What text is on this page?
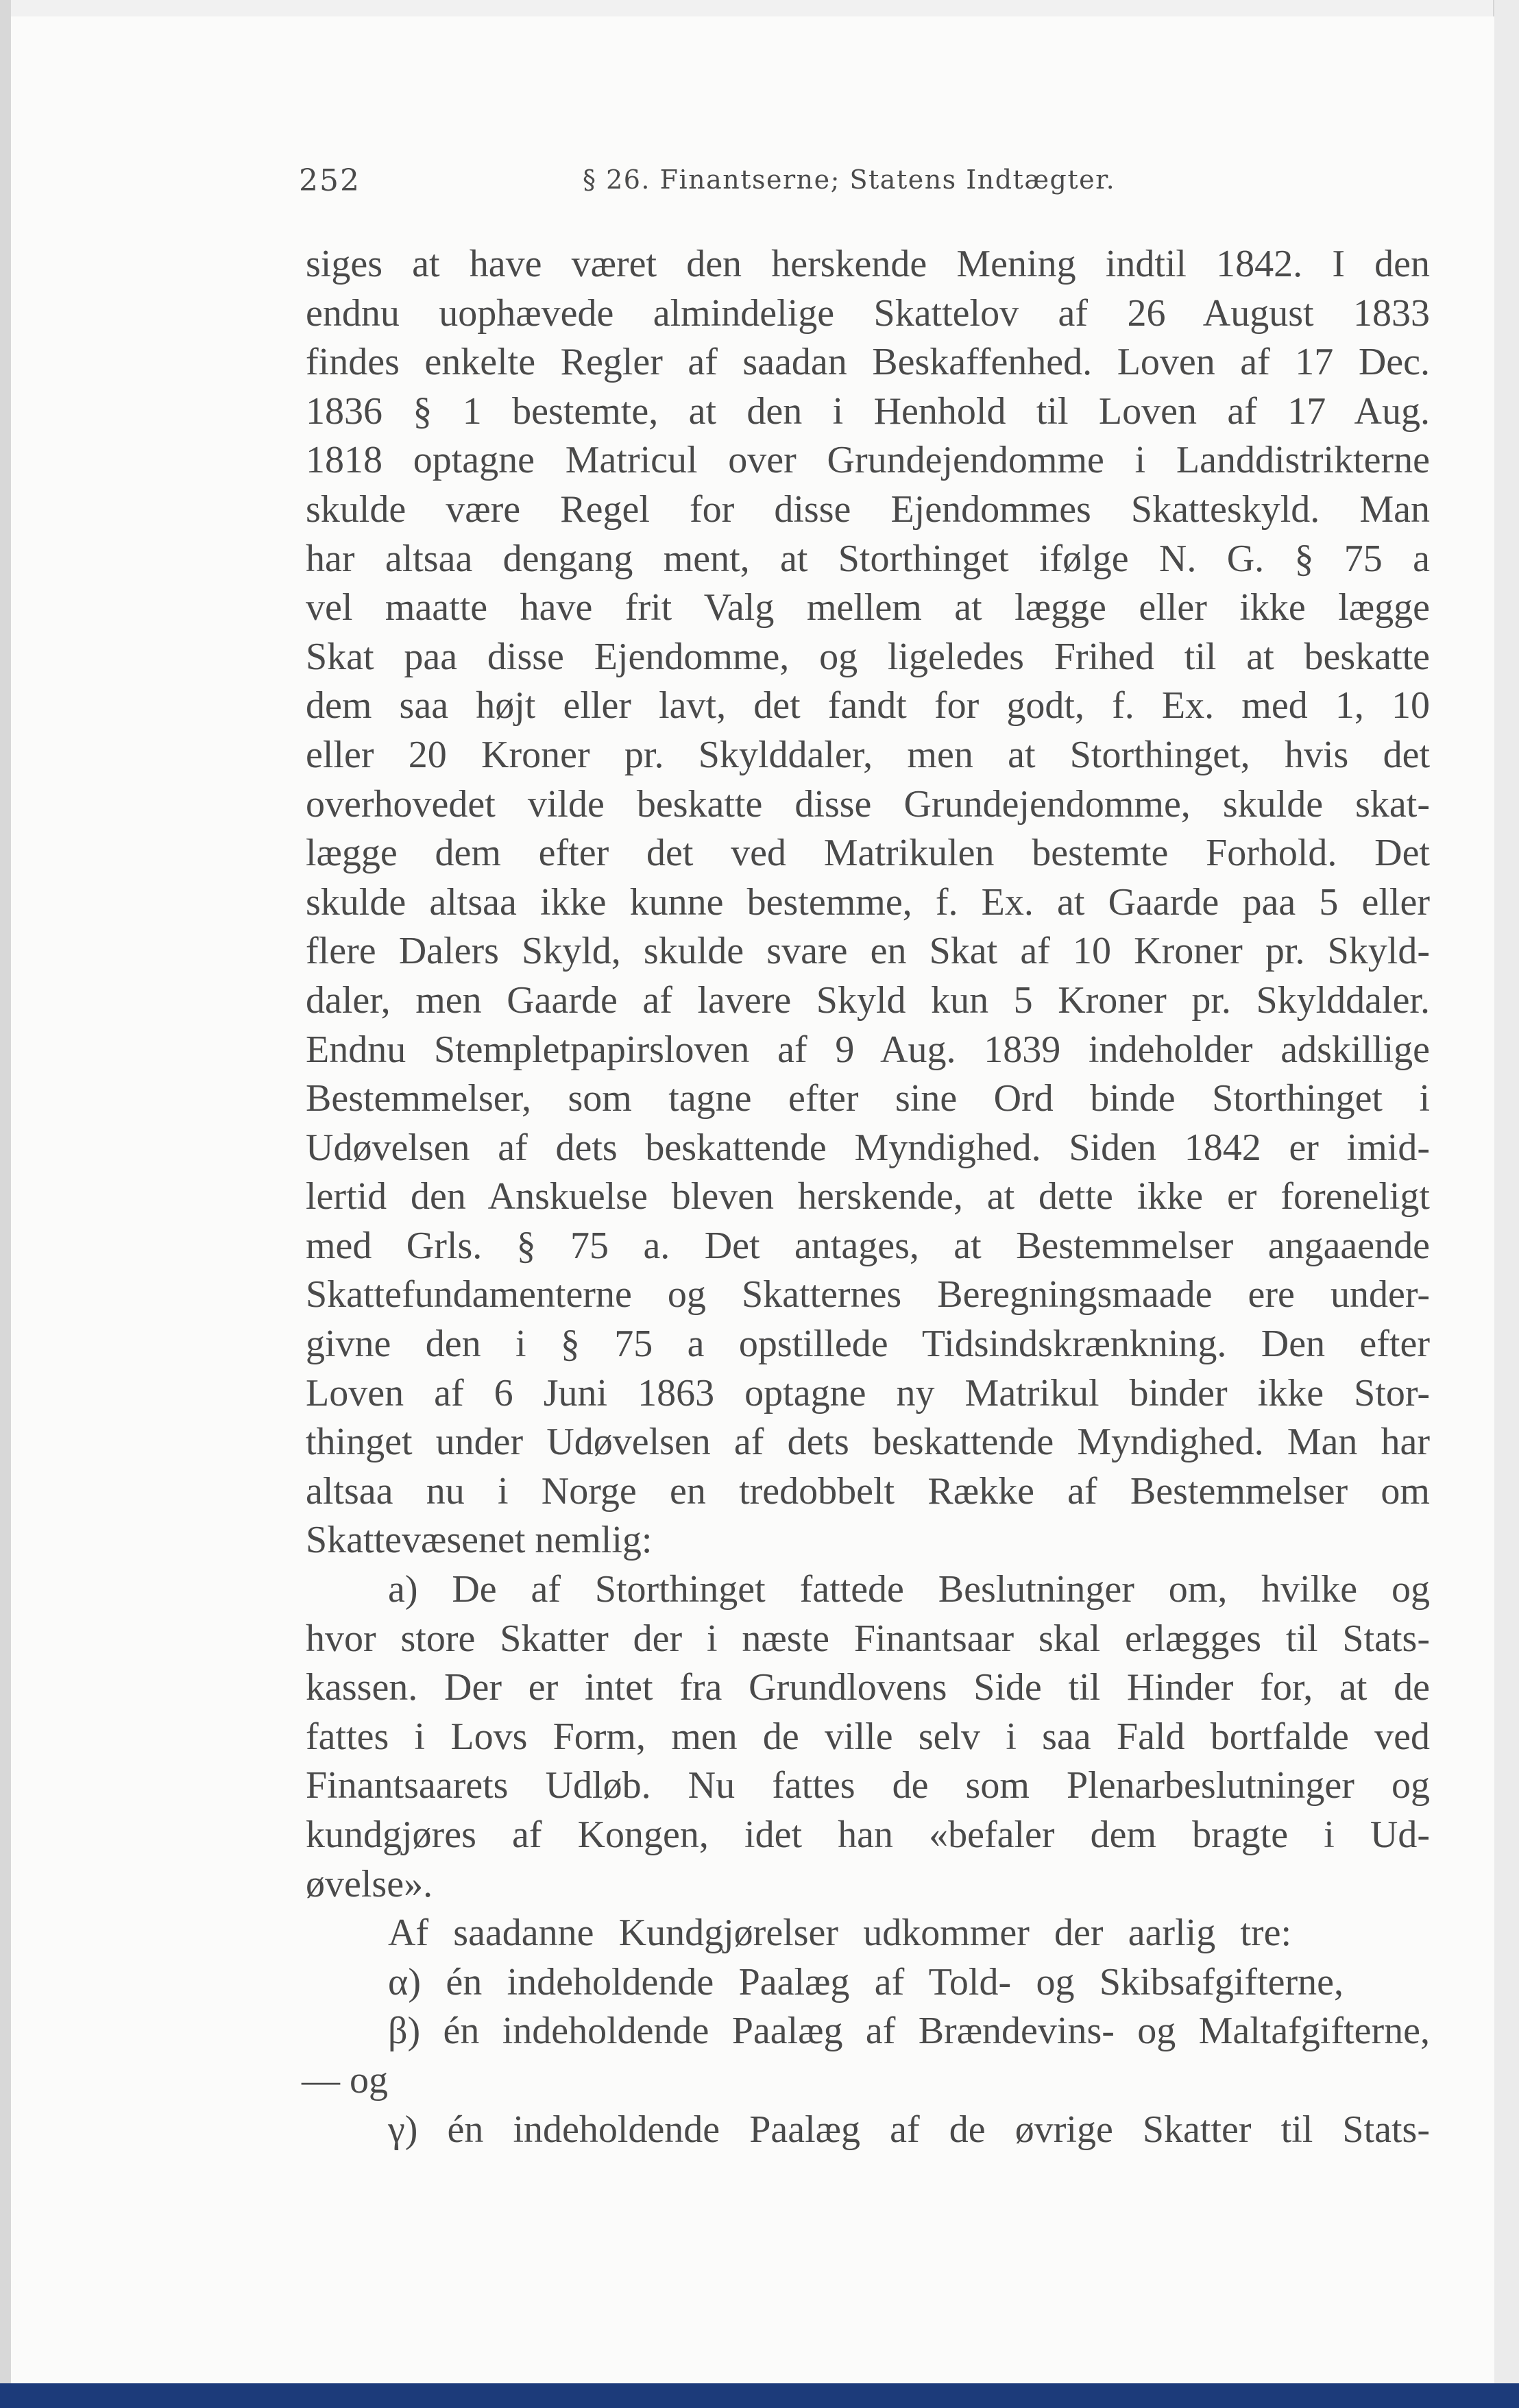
252	§ 26. Finantserne; Statens Indtægter.
siges at have været den herskende Mening indtil 1842. I den
endnu uophævede almindelige Skattelov af 26 August 1833
findes enkelte Regler af saadan Beskaffenhed. Loven af 17 Dec.
1836 § 1 bestemte, at den i Henhold til Loven af 17 Aug.
1818 optagne Matricul over Grundejendomme i Landdistrikterne
skulde være Regel for disse Ejendommes Skatteskyld. Man
har altsaa dengang ment, at Storthinget ifølge N. G. § 75 a
vel maatte have frit Valg mellem at lægge eller ikke lægge
Skat paa disse Ejendomme, og ligeledes Frihed til at beskatte
dem saa højt eller lavt, det fandt for godt, f. Ex. med 1, 10
eller 20 Kroner pr. Skylddaler, men at Storthinget, hvis det
overhovedet vilde beskatte disse Grundejendomme, skulde skat-
lægge dem efter det ved Matrikulen bestemte Forhold. Det
skulde altsaa ikke kunne bestemme, f. Ex. at Gaarde paa 5 eller
flere Dalers Skyld, skulde svare en Skat af 10 Kroner pr. Skyld-
daler, men Gaarde af lavere Skyld kun 5 Kroner pr. Skylddaler.
Endnu Stempletpapirsloven af 9 Aug. 1839 indeholder adskillige
Bestemmelser, som tagne efter sine Ord binde Storthinget i
Udøvelsen af dets beskattende Myndighed. Siden 1842 er imid-
lertid den Anskuelse bleven herskende, at dette ikke er foreneligt
med Grls. § 75 a. Det antages, at Bestemmelser angaaende
Skattefundamenterne og Skatternes Beregningsmaade ere under-
givne den i § 75 a opstillede Tidsindskrænkning. Den efter
Loven af 6 Juni 1863 optagne ny Matrikul binder ikke Stor-
thinget under Udøvelsen af dets beskattende Myndighed. Man har
altsaa nu i Norge en tredobbelt Række af Bestemmelser om
Skattevæsenet nemlig:
a) De af Storthinget fattede Beslutninger om, hvilke og
hvor store Skatter der i næste Finantsaar skal erlægges til Stats-
kassen. Der er intet fra Grundlovens Side til Hinder for, at de
fattes i Lovs Form, men de ville selv i saa Fald bortfalde ved
Finantsaarets Udløb. Nu fattes de som Plenarbeslutninger og
kundgjøres af Kongen, idet han «befaler dem bragte i Ud-
øvelse».
Af saadanne Kundgjørelser udkommer der aarlig tre:
α) én indeholdende Paalæg af Told- og Skibsafgifterne,
β) én indeholdende Paalæg af Brændevins- og Maltafgifterne,
— og
γ) én indeholdende Paalæg af de øvrige Skatter til Stats-
